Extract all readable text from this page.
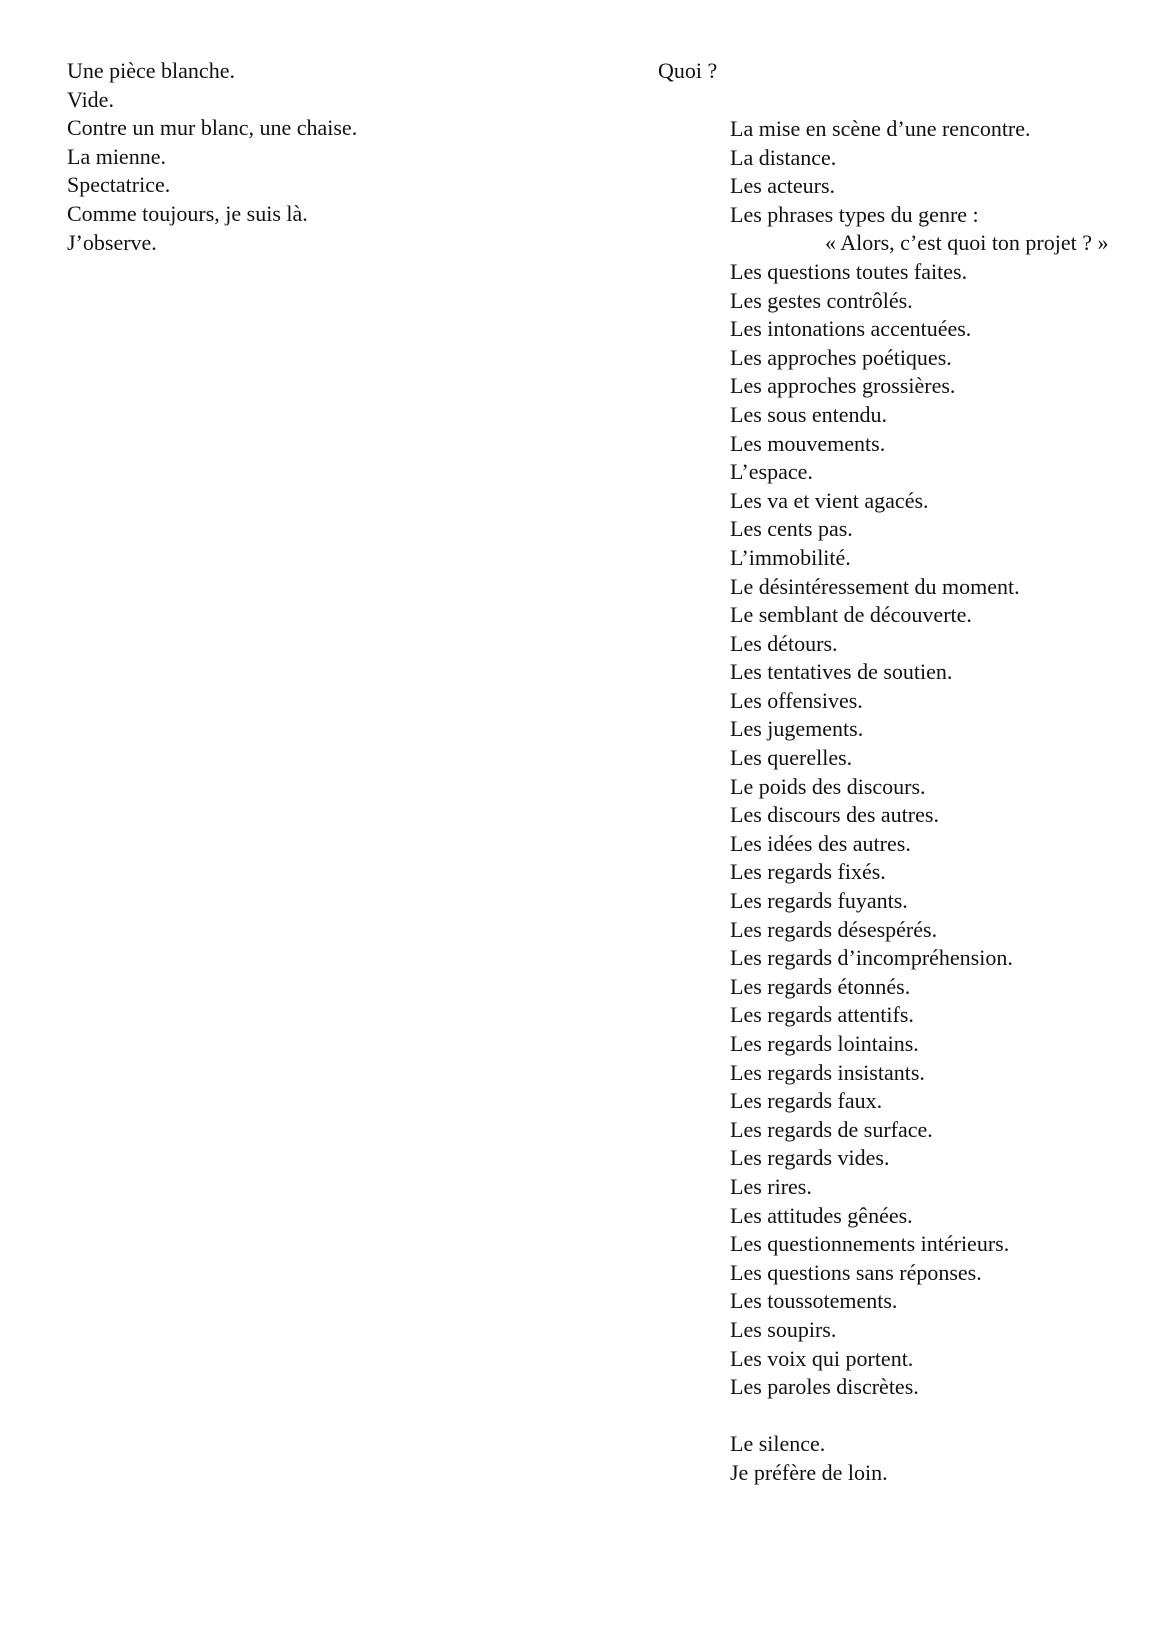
Une pièce blanche.
Vide.
Contre un mur blanc, une chaise.
La mienne.
Spectatrice.
Comme toujours, je suis là.
J’observe.
Quoi ?
La mise en scène d’une rencontre.
La distance.
Les acteurs.
Les phrases types du genre :
« Alors, c’est quoi ton projet ? »
Les questions toutes faites.
Les gestes contrôlés.
Les intonations accentuées.
Les approches poétiques.
Les approches grossières.
Les sous entendu.
Les mouvements.
L’espace.
Les va et vient agacés.
Les cents pas.
L’immobilité.
Le désintéressement du moment.
Le semblant de découverte.
Les détours.
Les tentatives de soutien.
Les offensives.
Les jugements.
Les querelles.
Le poids des discours.
Les discours des autres.
Les idées des autres.
Les regards fixés.
Les regards fuyants.
Les regards désespérés.
Les regards d’incompréhension.
Les regards étonnés.
Les regards attentifs.
Les regards lointains.
Les regards insistants.
Les regards faux.
Les regards de surface.
Les regards vides.
Les rires.
Les attitudes gênées.
Les questionnements intérieurs.
Les questions sans réponses.
Les toussotements.
Les soupirs.
Les voix qui portent.
Les paroles discrètes.
Le silence.
Je préfère de loin.
